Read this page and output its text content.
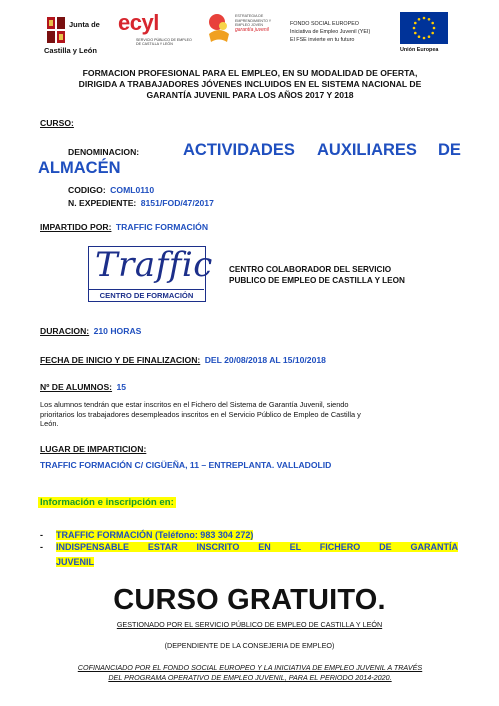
Junta de
Castilla y León
ecyl
SERVICIO PÚBLICO DE EMPLEO
DE CASTILLA Y LEÓN
ESTRATEGIA DE
EMPRENDIMIENTO Y
EMPLEO JOVEN
garantía juvenil
FONDO SOCIAL EUROPEO
Iniciativa de Empleo Juvenil (YEI)
El FSE invierte en tu futuro
Unión Europea
FORMACION PROFESIONAL PARA EL EMPLEO, EN SU MODALIDAD DE OFERTA,
DIRIGIDA A TRABAJADORES JÓVENES INCLUIDOS EN EL SISTEMA NACIONAL DE
GARANTÍA JUVENIL PARA LOS AÑOS 2017 Y 2018
CURSO:
DENOMINACION:	ACTIVIDADES AUXILIARES DE
ALMACÉN
CODIGO: COML0110
N. EXPEDIENTE: 8151/FOD/47/2017
IMPARTIDO POR: TRAFFIC FORMACIÓN
Traffic
CENTRO DE FORMACIÓN
CENTRO COLABORADOR DEL SERVICIO
PUBLICO DE EMPLEO DE CASTILLA Y LEON
DURACION: 210 HORAS
FECHA DE INICIO Y DE FINALIZACION: DEL 20/08/2018 AL 15/10/2018
Nº DE ALUMNOS: 15
Los alumnos tendrán que estar inscritos en el Fichero del Sistema de Garantía Juvenil, siendo
prioritarios los trabajadores desempleados inscritos en el Servicio Público de Empleo de Castilla y
León.
LUGAR DE IMPARTICION:
TRAFFIC FORMACIÓN C/ CIGÜEÑA, 11 – ENTREPLANTA. VALLADOLID
Información e inscripción en:
-	TRAFFIC FORMACIÓN (Teléfono: 983 304 272)
-	INDISPENSABLE ESTAR INSCRITO EN EL FICHERO DE GARANTÍA
JUVENIL
CURSO GRATUITO.
GESTIONADO POR EL SERVICIO PÚBLICO DE EMPLEO DE CASTILLA Y LEÓN
(DEPENDIENTE DE LA CONSEJERIA DE EMPLEO)
COFINANCIADO POR EL FONDO SOCIAL EUROPEO Y LA INICIATIVA DE EMPLEO JUVENIL A TRAVÉS
DEL PROGRAMA OPERATIVO DE EMPLEO JUVENIL, PARA EL PERIODO 2014-2020.
